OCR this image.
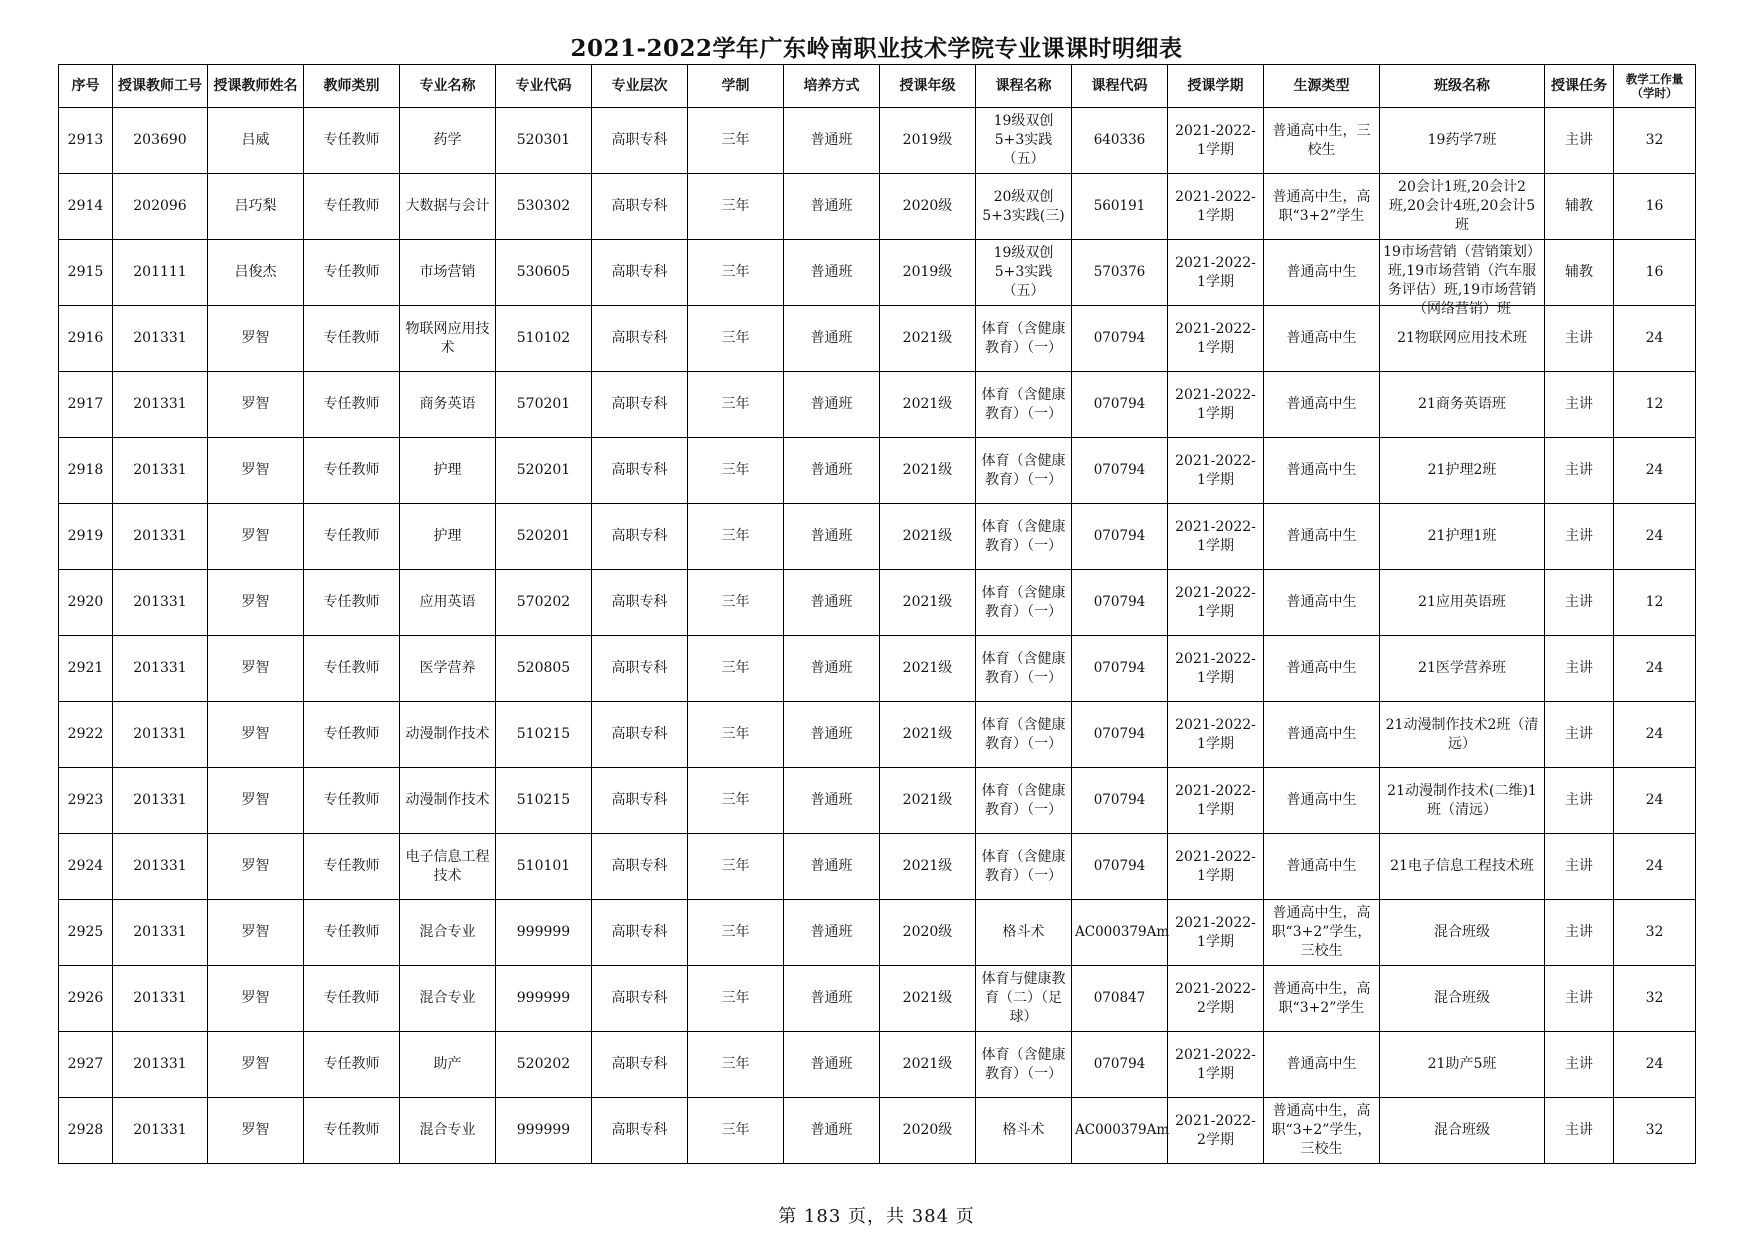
2021-2022学年广东岭南职业技术学院专业课课时明细表
序号	授课教师工号	授课教师姓名	教师类别	专业名称	专业代码	专业层次	学制	培养方式	授课年级	课程名称	课程代码	授课学期	生源类型	班级名称	授课任务	教学工作量（学时）

2913	203690	吕威	专任教师	药学	520301	高职专科	三年	普通班	2019级	19级双创5+3实践（五）	640336	2021-2022-1学期	普通高中生，三校生	19药学7班	主讲	32

2914	202096	吕巧梨	专任教师	大数据与会计	530302	高职专科	三年	普通班	2020级	20级双创5+3实践(三)	560191	2021-2022-1学期	普通高中生，高职“3+2”学生	20会计1班,20会计2班,20会计4班,20会计5班	辅教	16

2915	201111	吕俊杰	专任教师	市场营销	530605	高职专科	三年	普通班	2019级	19级双创5+3实践（五）	570376	2021-2022-1学期	普通高中生	19市场营销（营销策划）班,19市场营销（汽车服务评估）班,19市场营销（网络营销）班	辅教	16

2916	201331	罗智	专任教师	物联网应用技术	510102	高职专科	三年	普通班	2021级	体育（含健康教育）（一）	070794	2021-2022-1学期	普通高中生	21物联网应用技术班	主讲	24

2917	201331	罗智	专任教师	商务英语	570201	高职专科	三年	普通班	2021级	体育（含健康教育）（一）	070794	2021-2022-1学期	普通高中生	21商务英语班	主讲	12

2918	201331	罗智	专任教师	护理	520201	高职专科	三年	普通班	2021级	体育（含健康教育）（一）	070794	2021-2022-1学期	普通高中生	21护理2班	主讲	24

2919	201331	罗智	专任教师	护理	520201	高职专科	三年	普通班	2021级	体育（含健康教育）（一）	070794	2021-2022-1学期	普通高中生	21护理1班	主讲	24

2920	201331	罗智	专任教师	应用英语	570202	高职专科	三年	普通班	2021级	体育（含健康教育）（一）	070794	2021-2022-1学期	普通高中生	21应用英语班	主讲	12

2921	201331	罗智	专任教师	医学营养	520805	高职专科	三年	普通班	2021级	体育（含健康教育）（一）	070794	2021-2022-1学期	普通高中生	21医学营养班	主讲	24

2922	201331	罗智	专任教师	动漫制作技术	510215	高职专科	三年	普通班	2021级	体育（含健康教育）（一）	070794	2021-2022-1学期	普通高中生	21动漫制作技术2班（清远）	主讲	24

2923	201331	罗智	专任教师	动漫制作技术	510215	高职专科	三年	普通班	2021级	体育（含健康教育）（一）	070794	2021-2022-1学期	普通高中生	21动漫制作技术(二维)1班（清远）	主讲	24

2924	201331	罗智	专任教师	电子信息工程技术	510101	高职专科	三年	普通班	2021级	体育（含健康教育）（一）	070794	2021-2022-1学期	普通高中生	21电子信息工程技术班	主讲	24

2925	201331	罗智	专任教师	混合专业	999999	高职专科	三年	普通班	2020级	格斗术	AC000379Am	2021-2022-1学期	普通高中生，高职“3+2”学生，三校生	混合班级	主讲	32

2926	201331	罗智	专任教师	混合专业	999999	高职专科	三年	普通班	2021级	体育与健康教育（二）（足球）	070847	2021-2022-2学期	普通高中生，高职“3+2”学生	混合班级	主讲	32

2927	201331	罗智	专任教师	助产	520202	高职专科	三年	普通班	2021级	体育（含健康教育）（一）	070794	2021-2022-1学期	普通高中生	21助产5班	主讲	24

2928	201331	罗智	专任教师	混合专业	999999	高职专科	三年	普通班	2020级	格斗术	AC000379Am	2021-2022-2学期	普通高中生，高职“3+2”学生，三校生	混合班级	主讲	32
第 183 页，共 384 页
